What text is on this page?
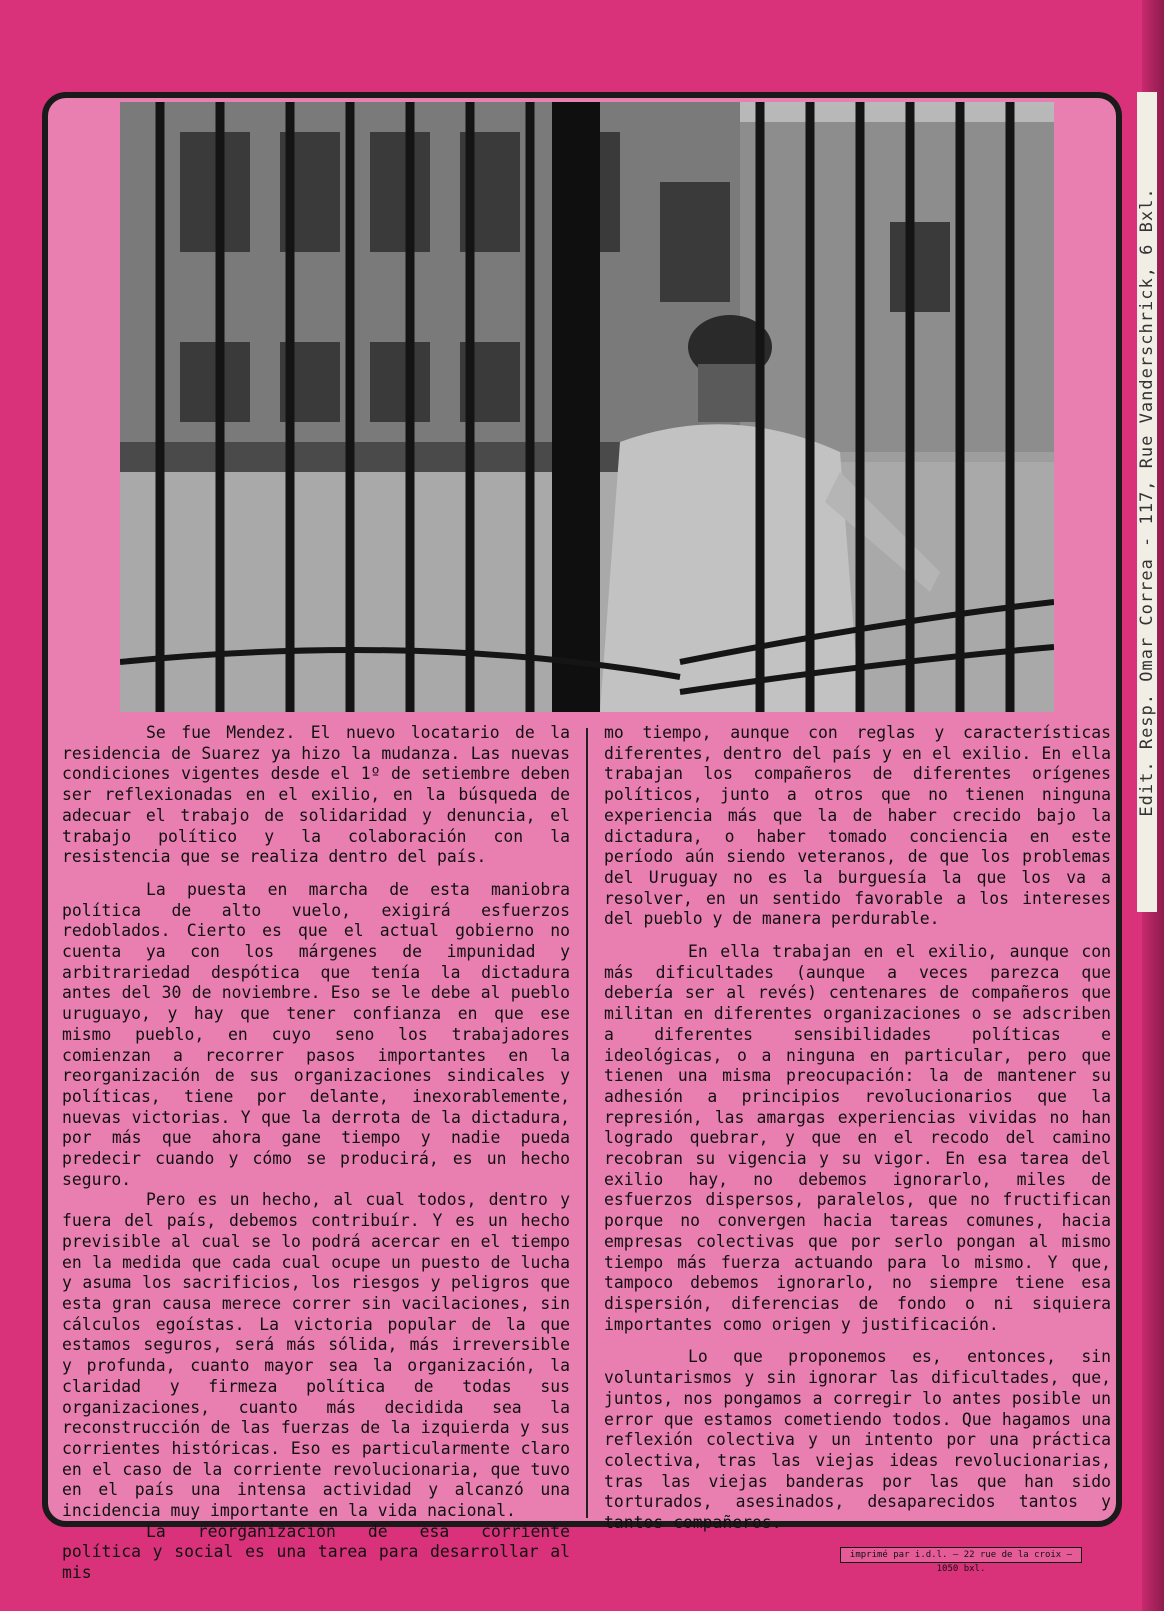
Edit. Resp. Omar Correa - 117, Rue Vanderschrick, 6 Bxl.

Se fue Mendez. El nuevo locatario de la residencia de Suarez ya hizo la mudanza. Las nuevas condiciones vigentes desde el 1º de setiembre deben ser reflexionadas en el exilio, en la búsqueda de adecuar el trabajo de solidaridad y denuncia, el trabajo político y la colaboración con la resistencia que se realiza dentro del país.

La puesta en marcha de esta maniobra política de alto vuelo, exigirá esfuerzos redoblados. Cierto es que el actual gobierno no cuenta ya con los márgenes de impunidad y arbitrariedad despótica que tenía la dictadura antes del 30 de noviembre. Eso se le debe al pueblo uruguayo, y hay que tener confianza en que ese mismo pueblo, en cuyo seno los trabajadores comienzan a recorrer pasos importantes en la reorganización de sus organizaciones sindicales y políticas, tiene por delante, inexorablemente, nuevas victorias. Y que la derrota de la dictadura, por más que ahora gane tiempo y nadie pueda predecir cuando y cómo se producirá, es un hecho seguro.

Pero es un hecho, al cual todos, dentro y fuera del país, debemos contribuír. Y es un hecho previsible al cual se lo podrá acercar en el tiempo en la medida que cada cual ocupe un puesto de lucha y asuma los sacrificios, los riesgos y peligros que esta gran causa merece correr sin vacilaciones, sin cálculos egoístas. La victoria popular de la que estamos seguros, será más sólida, más irreversible y profunda, cuanto mayor sea la organización, la claridad y firmeza política de todas sus organizaciones, cuanto más decidida sea la reconstrucción de las fuerzas de la izquierda y sus corrientes históricas. Eso es particularmente claro en el caso de la corriente revolucionaria, que tuvo en el país una intensa actividad y alcanzó una incidencia muy importante en la vida nacional.

La reorganización de esa corriente política y social es una tarea para desarrollar al mis

mo tiempo, aunque con reglas y características diferentes, dentro del país y en el exilio. En ella trabajan los compañeros de diferentes orígenes políticos, junto a otros que no tienen ninguna experiencia más que la de haber crecido bajo la dictadura, o haber tomado conciencia en este período aún siendo veteranos, de que los problemas del Uruguay no es la burguesía la que los va a resolver, en un sentido favorable a los intereses del pueblo y de manera perdurable.

En ella trabajan en el exilio, aunque con más dificultades (aunque a veces parezca que debería ser al revés) centenares de compañeros que militan en diferentes organizaciones o se adscriben a diferentes sensibilidades políticas e ideológicas, o a ninguna en particular, pero que tienen una misma preocupación: la de mantener su adhesión a principios revolucionarios que la represión, las amargas experiencias vividas no han logrado quebrar, y que en el recodo del camino recobran su vigencia y su vigor. En esa tarea del exilio hay, no debemos ignorarlo, miles de esfuerzos dispersos, paralelos, que no fructifican porque no convergen hacia tareas comunes, hacia empresas colectivas que por serlo pongan al mismo tiempo más fuerza actuando para lo mismo. Y que, tampoco debemos ignorarlo, no siempre tiene esa dispersión, diferencias de fondo o ni siquiera importantes como origen y justificación.

Lo que proponemos es, entonces, sin voluntarismos y sin ignorar las dificultades, que, juntos, nos pongamos a corregir lo antes posible un error que estamos cometiendo todos. Que hagamos una reflexión colectiva y un intento por una práctica colectiva, tras las viejas ideas revolucionarias, tras las viejas banderas por las que han sido torturados, asesinados, desaparecidos tantos y tantos compañeros.

imprimé par i.d.l. — 22 rue de la croix — 1050 bxl.
